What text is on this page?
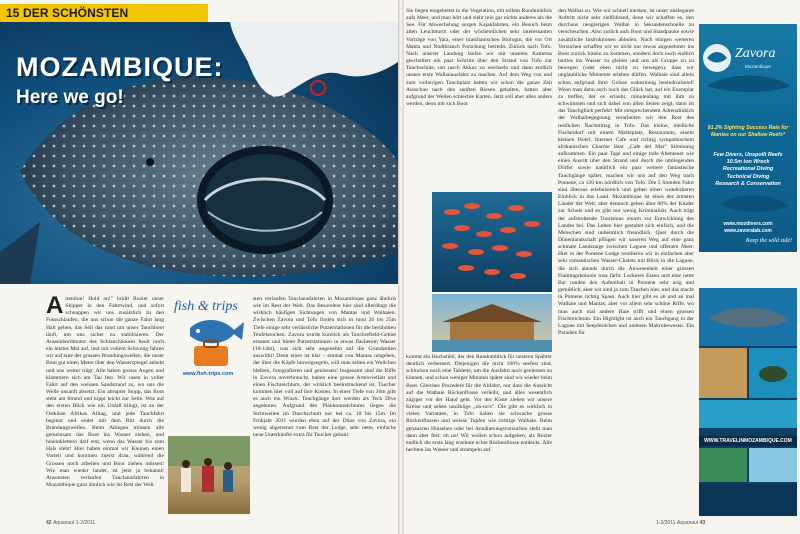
15 DER SCHÖNSTEN
MOZAMBIQUE:
Here we go!
A ttention! Hold on!" brüllt Rozier unser Skipper in den Fahrtwind, und sofort schnappen wir uns zusätzlich zu den Fussschlaufen, die uns schon die ganze Fahrt lang Halt geben, das Seil das rund um unser Tauchboot läuft, um uns sicher zu stabilisieren. Der Aussenbordmotor des Schlauchbootes heult noch ein letztes Mal auf, und mit vollem Schwung fahren wir auf eine der grossen Brandungswellen, die unser Boot gut einen Meter über den Wasserspiegel anhebt und uns weiter trägt. Alle haben grosse Augen und klammern sich am Tau fest. Wir rasen in voller Fahrt auf den weissen Sandstrand zu, wo uns die Welle unsanft absetzt. Ein abrupter Stopp, das Boot steht am Strand und kippt leicht zur Seite. Was auf den ersten Blick wie ein Unfall klingt, ist an der Ostküste Afrikas Alltag, und jede Tauchfahrt beginnt und endet mit dem Ritt durch die Brandungswellen. Beim Ablegen müssen alle gemeinsam das Boot ins Wasser ziehen, und hineinklettern darf erst, wenn das Wasser bis zum Hals steht! Hier haben einmal wir Kleinen einen Vorteil und kommen zuerst dran, während die Grossen noch arbeiten und Boot ziehen müssen! Wie man wieder landet, ist jetzt ja bekannt! Ansonsten verlaufen Tauchausfahrten in Mozambique ganz ähnlich wie im Rest der Welt.
fish & trips
www.fish-trips.com
sten verlaufen Tauchausfahrten in Mozambique ganz ähnlich wie im Rest der Welt. Das Besondere hier sind allerdings die wirklich häufigen Sichtungen von Mantas und Walhaien. Zwischen Zavora und Tofo finden sich in rund 20 bis 25m Tiefe einige sehr verlässliche Putzerstationen für die berühmten Teufelsrochen. Zavora wurde kürzlich als Tauchrefield-Gebiet ernannt und bietet Putzerstationen in etwas flacherem Wasser (10-14m), was sich sehr angenehm auf die Grundzeiten auswirkt! Denn eines ist klar – einmal von Mantas umgeben, der über die Köpfe hinwegsegeln, will man selten ein Weilchen bleiben, fotografieren und geniessen! Insgesamt sind die Riffe in Zavora unverbraucht, haben eine grosse Artenvielfalt und einen Fischreichtum, der wirklich beeindruckend ist. Taucher kommen hier voll auf ihre Kosten. In einer Tiefe von 36m gibt es auch ein Wrack. Tauchgänge dort werden als Tech Dive angeboten. Aufgrund des Planktonreichtums liegen die Sichtweiten im Durchschnitt nur bei ca. 10 bis 15m. Im Frühjahr 2011 wurden eben auf der Düne von Zavora, ein wenig abgetrennt vom Rest der Lodge, sehr nette, einfache neue Unterkünfte extra für Taucher gebaut.
Sie liegen eingebettet in die Vegetation, mit tollem Rundumblick aufs Meer, und man hört und sieht rein gar nichts anderes als die See. Für Abwechslung sorgen Kajakfahrten, ein Besuch beim alten Leuchtturm oder der wöchentlichen sehr interessanten Vorträge von Yara, einer brasilianischen Biologin, die vor Ort Manta und Nudibranch Forschung betreibt. Zurück nach Tofo. Nach unserer Landung laufen wir mit unseren Kameras geschultert ein paar Schritte über den Strand von Tofo zur Tauchschule, um rasch Akkus zu wechseln und dann endlich unsere erste Walhaiausfahrt zu machen. Auf dem Weg von und zum vorherigen Tauchplatz hatten wir schon die ganze Zeit Ausschau nach den sanften Riesen gehalten, hatten aber aufgrund der Wellen schlechte Karten. Jetzt soll aber alles anders werden, denn mit sich Boot
kommt ein Hochstühl, der den Rundumblick für unseren Spähter deutlich verbessert. Diejenigen die nicht 100% seefest sind, schlucken noch eine Tablette, um die Ausfahrt auch geniessen zu können, und schon weniger Minuten später sind wir wieder beim Boot. Gleiches Prozedere für die Abfahrt, nur dass die Aussicht auf die Walhaie Rückenflosse verleiht, und alles wesentlich zügiger vor der Hand geht. Vor der Küste ziehen wir unsere Kreise und sehen unzählige „oh-no's". Die gibt es wirklich in vielen Varianten, in Tofo haben sie schwache grosse Rückenflossen und weisse Tupfen wie richtige Walhaie. Beim genaueren Hinsehen oder bei Annäherungsversuchen stellt man dann aber fest: oh no! Wir wollen schon aufgeben, als Rozier endlich die erste lang ersehnte echte Rückenflosse entdeckt. Alle hechten ins Wasser und strampeln auf
den Walhai zu. Wie wir schnell merken, ist unser unelegante Auftritt nicht sehr zielführend, denn wir schaffen es, den durchaus neugierigen Walhai in Sekundenschnelle zu verscheuchen. Also zurück aufs Boot und Standpauke sowie zusätzliche Instruktionen abholen. Nach einigen weiteren Versuchen schaffen wir es nicht nur etwas angenehmer ins Boot zurück hinein zu kommen, sondern doch noch endlich lautlos ins Wasser zu gleiten und uns als Gruppe zu zu bewegen (oder eben nicht zu bewegen), dass wir unglaubliche Momente erleben dürfen. Walhaie sind allein schon aufgrund ihrer Grösse wahnsinnig beeindruckend! Wenn man dann auch noch das Glück hat, auf ein Exemplar zu treffen, der es erlaubt, minutenlang mit ihm zu schwimmen und sich dabei von allen Seiten zeigt, dann ist das Tauchglück perfekt! Mit entsprechendem Adrenalinkick der Walhaibegegnung verarbeiten wir den Rest des restlichen Nachmittag in Tofo. Das kleine, niedliche Fischerdorf mit einem Marktplatz, Restaurants, einem kleinen Hotel, Internet Cafe und richtig sympathischem afrikanischen Charme lässt „Cafe del Mar" Stimmung aufkommen. Ein paar Tage und einige tolle Abenteuer wie einen Ausritt über den Strand und durch die umliegenden Dörfer sowie natürlich ein paar weitere fantastische Tauchgänge später, machen wir uns auf den Weg nach Pomene, ca 120 km nördlich von Tofo. Die 5 Stunden Fahrt sind überaus erlebnisreich und geben einen wunderbaren Einblick in das Land. Mozambique ist eines der ärmsten Länder der Welt, aber dennoch geben über 80% der Kinder zur Schule und es gibt nur wenig Kriminalität. Auch trägt der aufstrebende Tourismus enorm zur Entwicklung des Landes bei. Das Leben hier gestaltet sich einfach, und die Menschen sind unheimlich freundlich. Quer durch die Dünenlandschaft pflügen wir unseren Weg auf eine ganz schmale Landzunge zwischen Lagune und offenem Meer. Hier in der Pomene Lodge residieren wir in einfachen aber sehr romantischen Wasser-Chalets mit Blick in die Lagune, die sich abends durch die Anwesenheit einer grossen Flamingokolonie rosa färbt. Leckeres Essen und eine nette Bar runden den Aufenthalt in Pomene sehr urig und gemütlich, aber wir sind ja zum Tauchen hier, und das macht in Pomene richtig Spass. Auch hier gibt es ab und an mal Walhaie und Mantas, aber vor allem sehr schöne Riffe, wo man auch mal andere Haie trifft und einen grossen Fischreichtum. Ein Highlight ist auch ein Tauchgang in der Lagune mit Seepferdchen und anderen Makrobewesen. Ein Paradies für
Zavora
Mozambique
81.2% Sighting Success Rate for Mantas on our Shallow Reefs*
Few Divers, Unspoilt Reefs
10.5m ton Wreck
Recreational Diving
Technical Diving
Research & Conservation
www.mozdivers.com
www.zavoralab.com
Keep the wild side!
WWW.TRAVELINMOZAMBIQUE.COM
42 Aquanaut 1-2/2011	1-2/2011 Aquanaut 43
